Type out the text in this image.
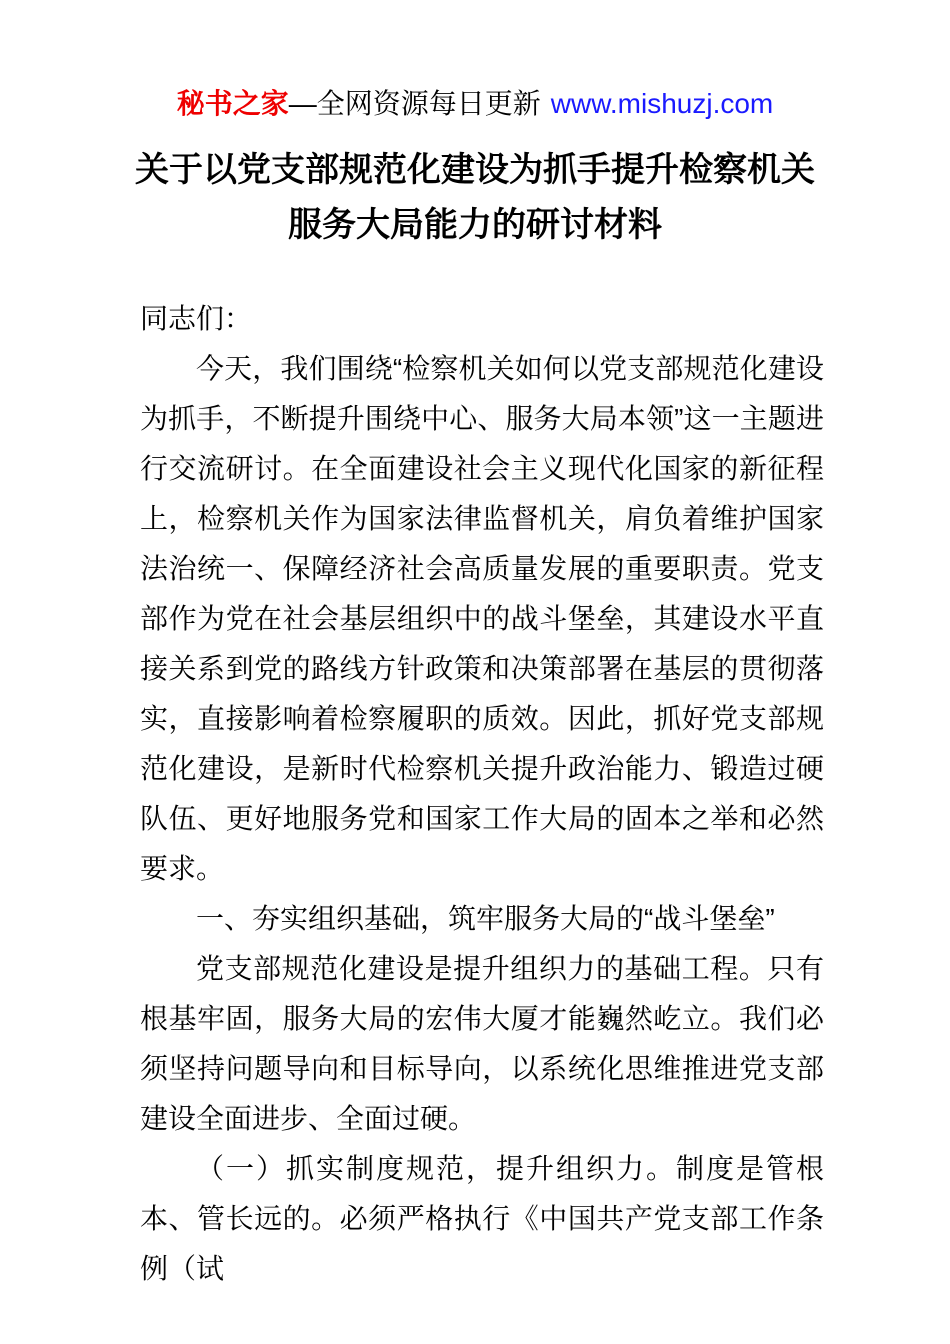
秘书之家—全网资源每日更新 www.mishuzj.com
关于以党支部规范化建设为抓手提升检察机关
服务大局能力的研讨材料

同志们：

今天，我们围绕“检察机关如何以党支部规范化建设为抓手，不断提升围绕中心、服务大局本领”这一主题进行交流研讨。在全面建设社会主义现代化国家的新征程上，检察机关作为国家法律监督机关，肩负着维护国家法治统一、保障经济社会高质量发展的重要职责。党支部作为党在社会基层组织中的战斗堡垒，其建设水平直接关系到党的路线方针政策和决策部署在基层的贯彻落实，直接影响着检察履职的质效。因此，抓好党支部规范化建设，是新时代检察机关提升政治能力、锻造过硬队伍、更好地服务党和国家工作大局的固本之举和必然要求。

一、夯实组织基础，筑牢服务大局的“战斗堡垒”

党支部规范化建设是提升组织力的基础工程。只有根基牢固，服务大局的宏伟大厦才能巍然屹立。我们必须坚持问题导向和目标导向，以系统化思维推进党支部建设全面进步、全面过硬。

（一）抓实制度规范，提升组织力。制度是管根本、管长远的。必须严格执行《中国共产党支部工作条例（试
